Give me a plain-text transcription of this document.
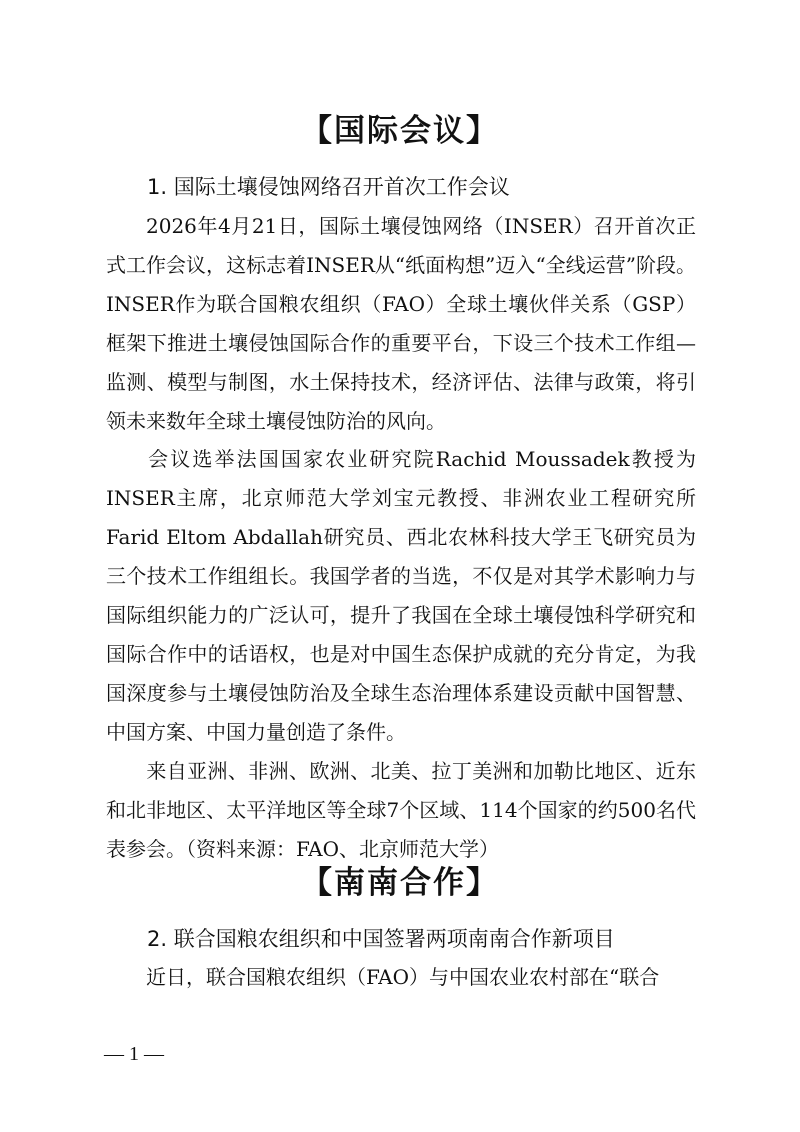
【国际会议】
1. 国际土壤侵蚀网络召开首次工作会议
2026年4月21日，国际土壤侵蚀网络（INSER）召开首次正式工作会议，这标志着INSER从“纸面构想”迈入“全线运营”阶段。INSER作为联合国粮农组织（FAO）全球土壤伙伴关系（GSP）框架下推进土壤侵蚀国际合作的重要平台，下设三个技术工作组—监测、模型与制图，水土保持技术，经济评估、法律与政策，将引领未来数年全球土壤侵蚀防治的风向。
会议选举法国国家农业研究院Rachid Moussadek教授为INSER主席，北京师范大学刘宝元教授、非洲农业工程研究所Farid Eltom Abdallah研究员、西北农林科技大学王飞研究员为三个技术工作组组长。我国学者的当选，不仅是对其学术影响力与国际组织能力的广泛认可，提升了我国在全球土壤侵蚀科学研究和国际合作中的话语权，也是对中国生态保护成就的充分肯定，为我国深度参与土壤侵蚀防治及全球生态治理体系建设贡献中国智慧、中国方案、中国力量创造了条件。
来自亚洲、非洲、欧洲、北美、拉丁美洲和加勒比地区、近东和北非地区、太平洋地区等全球7个区域、114个国家的约500名代表参会。（资料来源：FAO、北京师范大学）
【南南合作】
2. 联合国粮农组织和中国签署两项南南合作新项目
近日，联合国粮农组织（FAO）与中国农业农村部在“联合
— 1 —
